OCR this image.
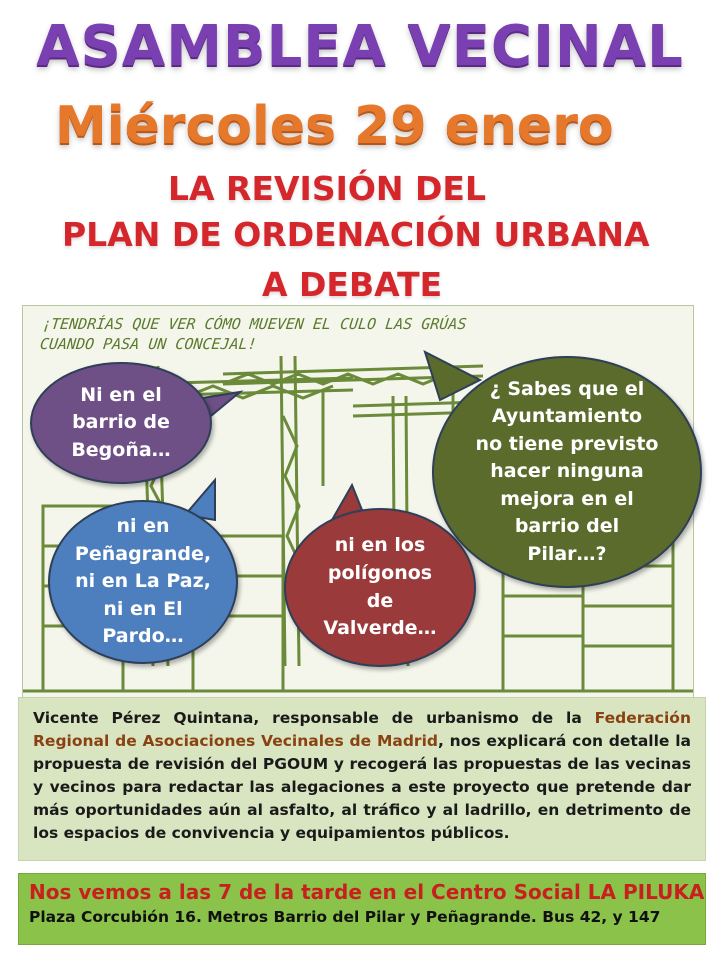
ASAMBLEA VECINAL
Miércoles 29 enero
LA REVISIÓN DEL
PLAN DE ORDENACIÓN URBANA
A DEBATE
¡TENDRÍAS QUE VER CÓMO MUEVEN EL CULO LAS GRÚAS
CUANDO PASA UN CONCEJAL!
Ni en el
barrio de
Begoña…
ni en
Peñagrande,
ni en La Paz,
ni en El
Pardo…
ni en los
polígonos
de
Valverde…
¿ Sabes que el
Ayuntamiento
no tiene previsto
hacer ninguna
mejora en el
barrio del
Pilar…?
Vicente Pérez Quintana, responsable de urbanismo de la Federación Regional de Asociaciones Vecinales de Madrid, nos explicará con detalle la propuesta de revisión del PGOUM y recogerá las propuestas de las vecinas y vecinos para redactar las alegaciones a este proyecto que pretende dar más oportunidades aún al asfalto, al tráfico y al ladrillo, en detrimento de los espacios de convivencia y equipamientos públicos.
Nos vemos a las 7 de la tarde en el Centro Social LA PILUKA
Plaza Corcubión 16. Metros Barrio del Pilar y Peñagrande. Bus 42, y 147
